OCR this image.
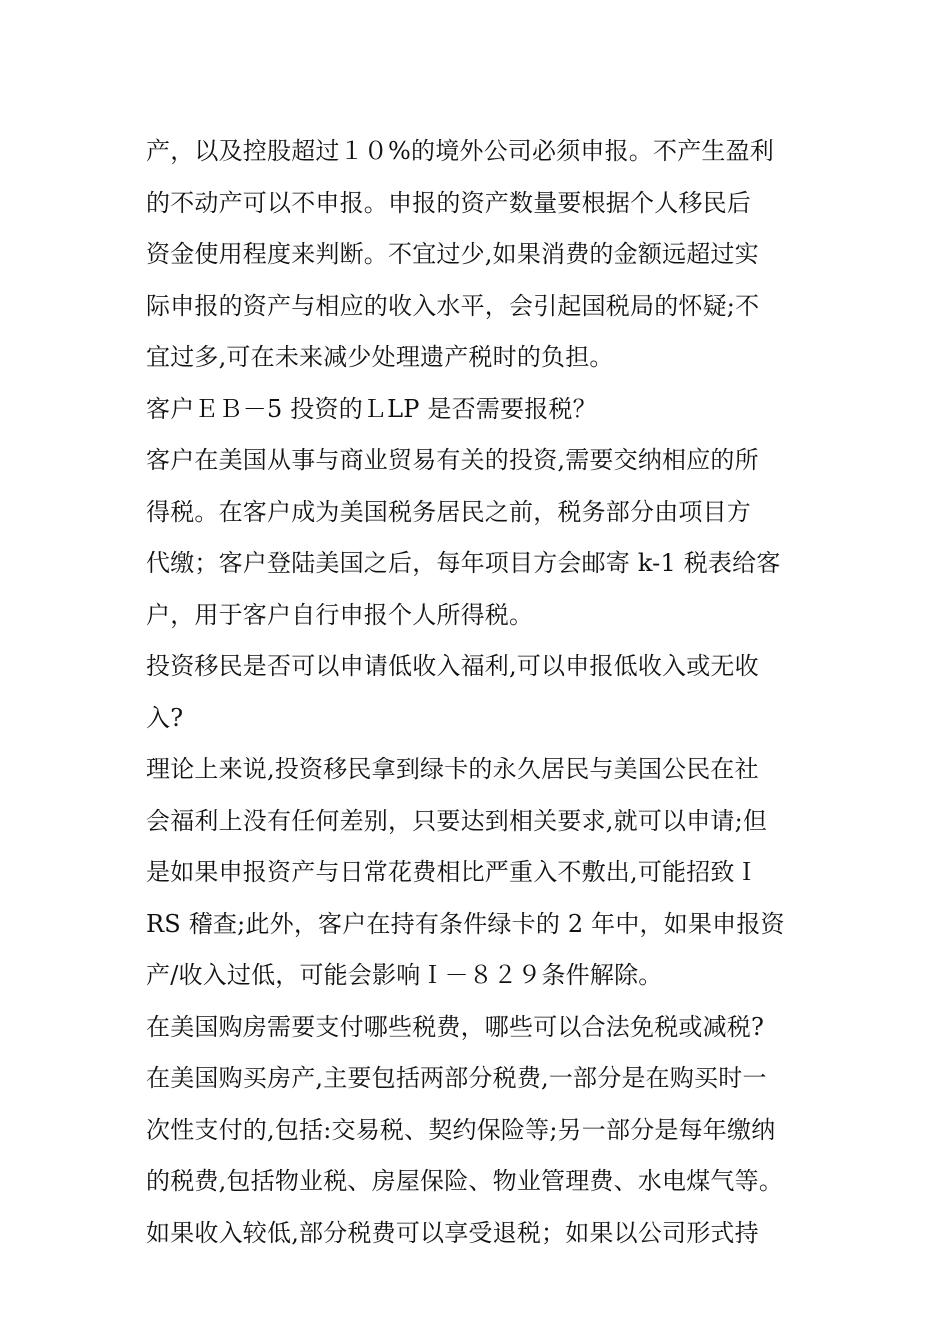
产，以及控股超过１０%的境外公司必须申报。不产生盈利
的不动产可以不申报。申报的资产数量要根据个人移民后
资金使用程度来判断。不宜过少,如果消费的金额远超过实
际申报的资产与相应的收入水平，会引起国税局的怀疑;不
宜过多,可在未来减少处理遗产税时的负担。
客户ＥＢ－5 投资的ＬLP 是否需要报税？
客户在美国从事与商业贸易有关的投资,需要交纳相应的所
得税。在客户成为美国税务居民之前，税务部分由项目方
代缴；客户登陆美国之后，每年项目方会邮寄 k-1 税表给客
户，用于客户自行申报个人所得税。
投资移民是否可以申请低收入福利,可以申报低收入或无收
入?
理论上来说,投资移民拿到绿卡的永久居民与美国公民在社
会福利上没有任何差别，只要达到相关要求,就可以申请;但
是如果申报资产与日常花费相比严重入不敷出,可能招致Ｉ
RS 稽查;此外，客户在持有条件绿卡的 2 年中，如果申报资
产/收入过低，可能会影响Ｉ－８２９条件解除。
在美国购房需要支付哪些税费，哪些可以合法免税或减税?
在美国购买房产,主要包括两部分税费,一部分是在购买时一
次性支付的,包括:交易税、契约保险等;另一部分是每年缴纳
的税费,包括物业税、房屋保险、物业管理费、水电煤气等。
如果收入较低,部分税费可以享受退税；如果以公司形式持
